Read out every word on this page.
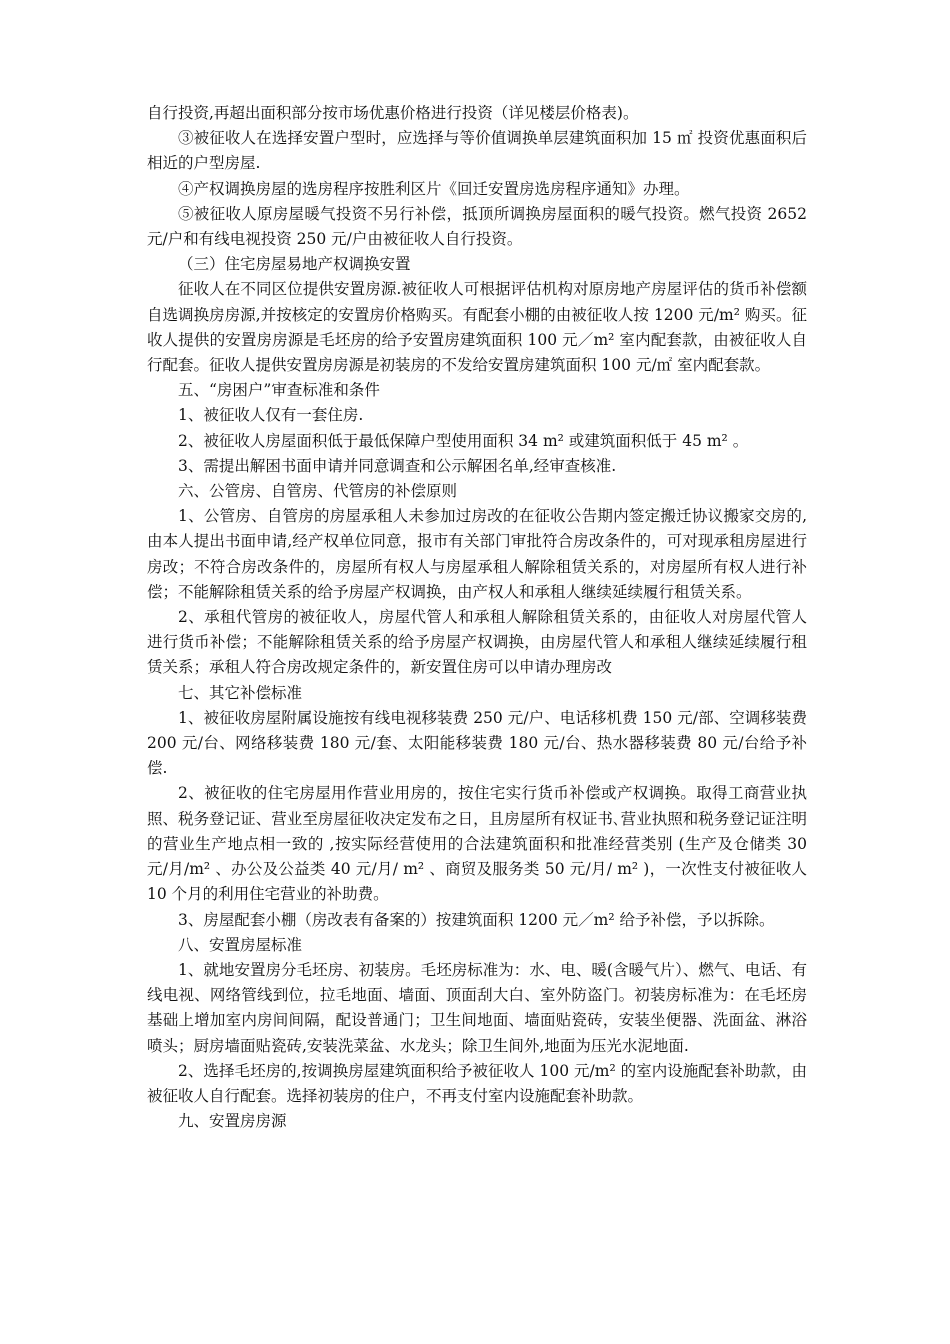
自行投资,再超出面积部分按市场优惠价格进行投资（详见楼层价格表)。

③被征收人在选择安置户型时，应选择与等价值调换单层建筑面积加 15 ㎡ 投资优惠面积后相近的户型房屋.

④产权调换房屋的选房程序按胜利区片《回迁安置房选房程序通知》办理。

⑤被征收人原房屋暖气投资不另行补偿，抵顶所调换房屋面积的暖气投资。燃气投资 2652 元/户和有线电视投资 250 元/户由被征收人自行投资。

（三）住宅房屋易地产权调换安置

征收人在不同区位提供安置房源.被征收人可根据评估机构对原房地产房屋评估的货币补偿额自选调换房房源,并按核定的安置房价格购买。有配套小棚的由被征收人按 1200 元/m² 购买。征收人提供的安置房房源是毛坯房的给予安置房建筑面积 100 元／m² 室内配套款，由被征收人自行配套。征收人提供安置房房源是初装房的不发给安置房建筑面积 100 元/㎡ 室内配套款。

五、“房困户”审查标准和条件

1、被征收人仅有一套住房.

2、被征收人房屋面积低于最低保障户型使用面积 34 m² 或建筑面积低于 45 m² 。

3、需提出解困书面申请并同意调查和公示解困名单,经审查核准.

六、公管房、自管房、代管房的补偿原则

1、公管房、自管房的房屋承租人未参加过房改的在征收公告期内签定搬迁协议搬家交房的,由本人提出书面申请,经产权单位同意，报市有关部门审批符合房改条件的，可对现承租房屋进行房改；不符合房改条件的，房屋所有权人与房屋承租人解除租赁关系的，对房屋所有权人进行补偿；不能解除租赁关系的给予房屋产权调换，由产权人和承租人继续延续履行租赁关系。

2、承租代管房的被征收人，房屋代管人和承租人解除租赁关系的，由征收人对房屋代管人进行货币补偿；不能解除租赁关系的给予房屋产权调换，由房屋代管人和承租人继续延续履行租赁关系；承租人符合房改规定条件的，新安置住房可以申请办理房改

七、其它补偿标准

1、被征收房屋附属设施按有线电视移装费 250 元/户、电话移机费 150 元/部、空调移装费 200 元/台、网络移装费 180 元/套、太阳能移装费 180 元/台、热水器移装费 80 元/台给予补偿.

2、被征收的住宅房屋用作营业用房的，按住宅实行货币补偿或产权调换。取得工商营业执照、税务登记证、营业至房屋征收决定发布之日，且房屋所有权证书､营业执照和税务登记证注明的营业生产地点相一致的 ,按实际经营使用的合法建筑面积和批准经营类别 (生产及仓储类 30 元/月/m² 、办公及公益类 40 元/月/ m² 、商贸及服务类 50 元/月/ m² )，一次性支付被征收人 10 个月的利用住宅营业的补助费。

3、房屋配套小棚（房改表有备案的）按建筑面积 1200 元／m² 给予补偿，予以拆除。

八、安置房屋标准

1、就地安置房分毛坯房、初装房。毛坯房标准为：水、电、暖(含暖气片）、燃气、电话、有线电视、网络管线到位，拉毛地面、墙面、顶面刮大白、室外防盗门。初装房标准为：在毛坯房基础上增加室内房间间隔，配设普通门；卫生间地面、墙面贴瓷砖，安装坐便器、洗面盆、淋浴喷头；厨房墙面贴瓷砖,安装洗菜盆、水龙头；除卫生间外,地面为压光水泥地面.

2、选择毛坯房的,按调换房屋建筑面积给予被征收人 100 元/m² 的室内设施配套补助款，由被征收人自行配套。选择初装房的住户，不再支付室内设施配套补助款。

九、安置房房源
